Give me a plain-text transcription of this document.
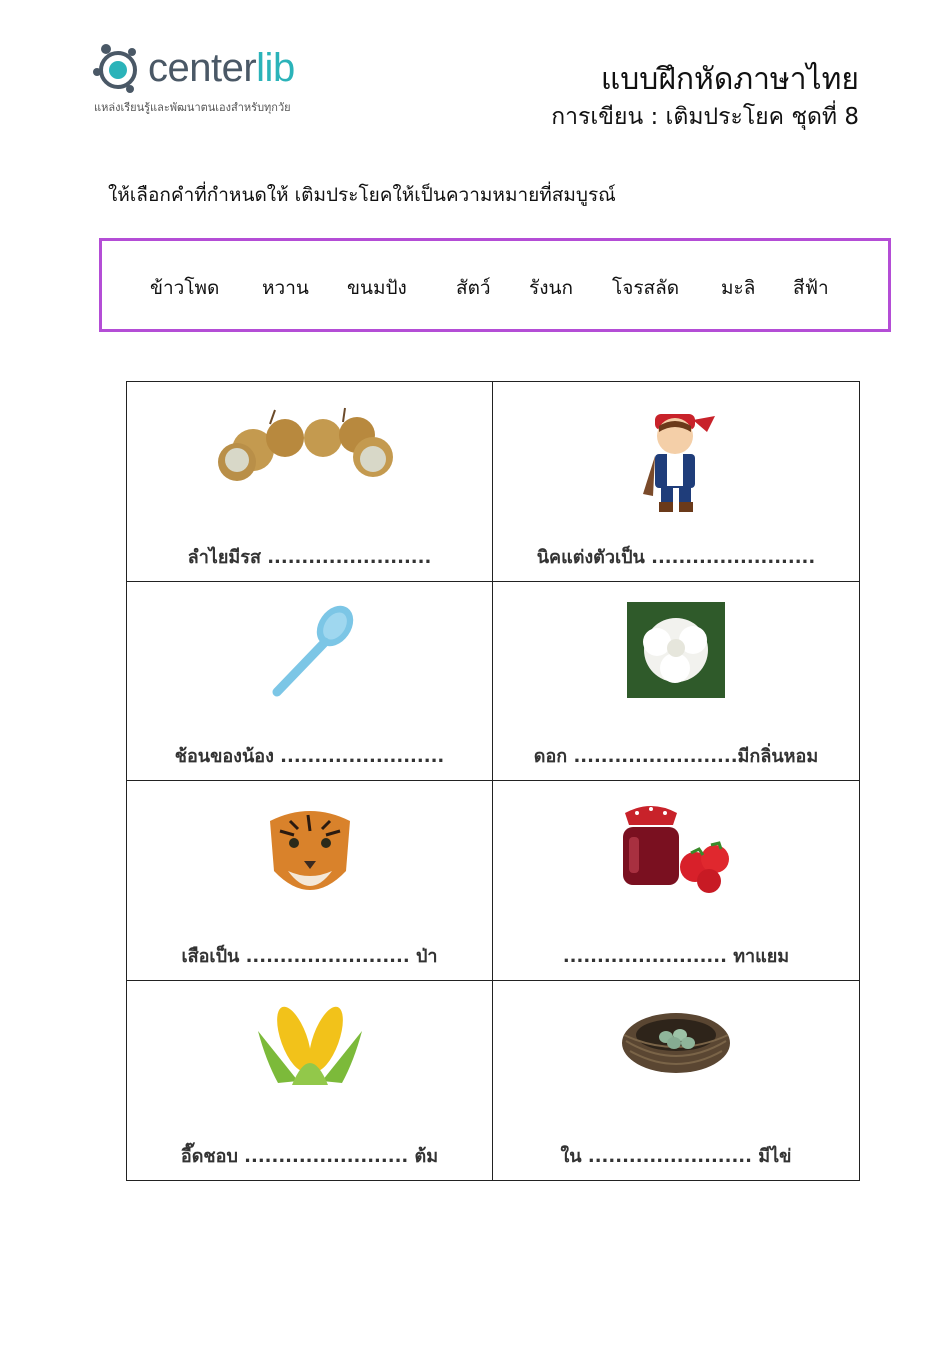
centerlib
แหล่งเรียนรู้และพัฒนาตนเองสำหรับทุกวัย
แบบฝึกหัดภาษาไทย
การเขียน : เติมประโยค ชุดที่ 8
ให้เลือกคำที่กำหนดให้ เติมประโยคให้เป็นความหมายที่สมบูรณ์
ข้าวโพด หวาน ขนมปัง	สัตว์ รังนก โจรสลัด มะลิ สีฟ้า
ลำไยมีรส ........................	นิคแต่งตัวเป็น ........................
ช้อนของน้อง ........................	ดอก ........................มีกลิ่นหอม
เสือเป็น ........................ ป่า	........................ ทาแยม
อี๊ดชอบ ........................ ต้ม	ใน ........................ มีไข่
